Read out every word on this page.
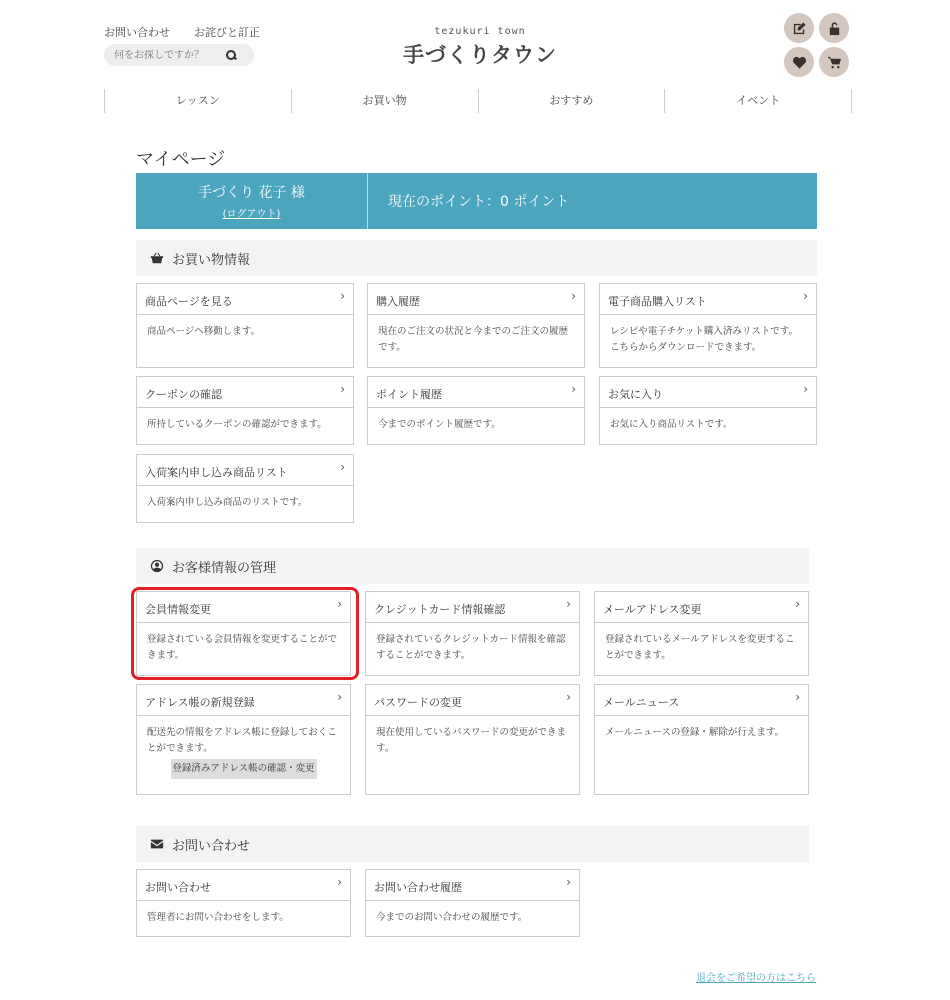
お問い合わせ お詫びと訂正
何をお探しですか？	tezukuri town
手づくりタウン
レッスン	お買い物	おすすめ	イベント
マイページ
手づくり 花子 様
(ログアウト)
現在のポイント：0 ポイント
お買い物情報
商品ページを見る ›
商品ページへ移動します。
購入履歴 ›
現在のご注文の状況と今までのご注文の履歴です。
電子商品購入リスト ›
レシピや電子チケット購入済みリストです。こちらからダウンロードできます。
クーポンの確認 ›
所持しているクーポンの確認ができます。
ポイント履歴 ›
今までのポイント履歴です。
お気に入り ›
お気に入り商品リストです。
入荷案内申し込み商品リスト ›
入荷案内申し込み商品のリストです。
お客様情報の管理
会員情報変更 ›
登録されている会員情報を変更することができます。
クレジットカード情報確認 ›
登録されているクレジットカード情報を確認することができます。
メールアドレス変更 ›
登録されているメールアドレスを変更することができます。
アドレス帳の新規登録 ›
配送先の情報をアドレス帳に登録しておくことができます。
登録済みアドレス帳の確認・変更
パスワードの変更 ›
現在使用しているパスワードの変更ができます。
メールニュース ›
メールニュースの登録・解除が行えます。
お問い合わせ
お問い合わせ ›
管理者にお問い合わせをします。
お問い合わせ履歴 ›
今までのお問い合わせの履歴です。
退会をご希望の方はこちら
